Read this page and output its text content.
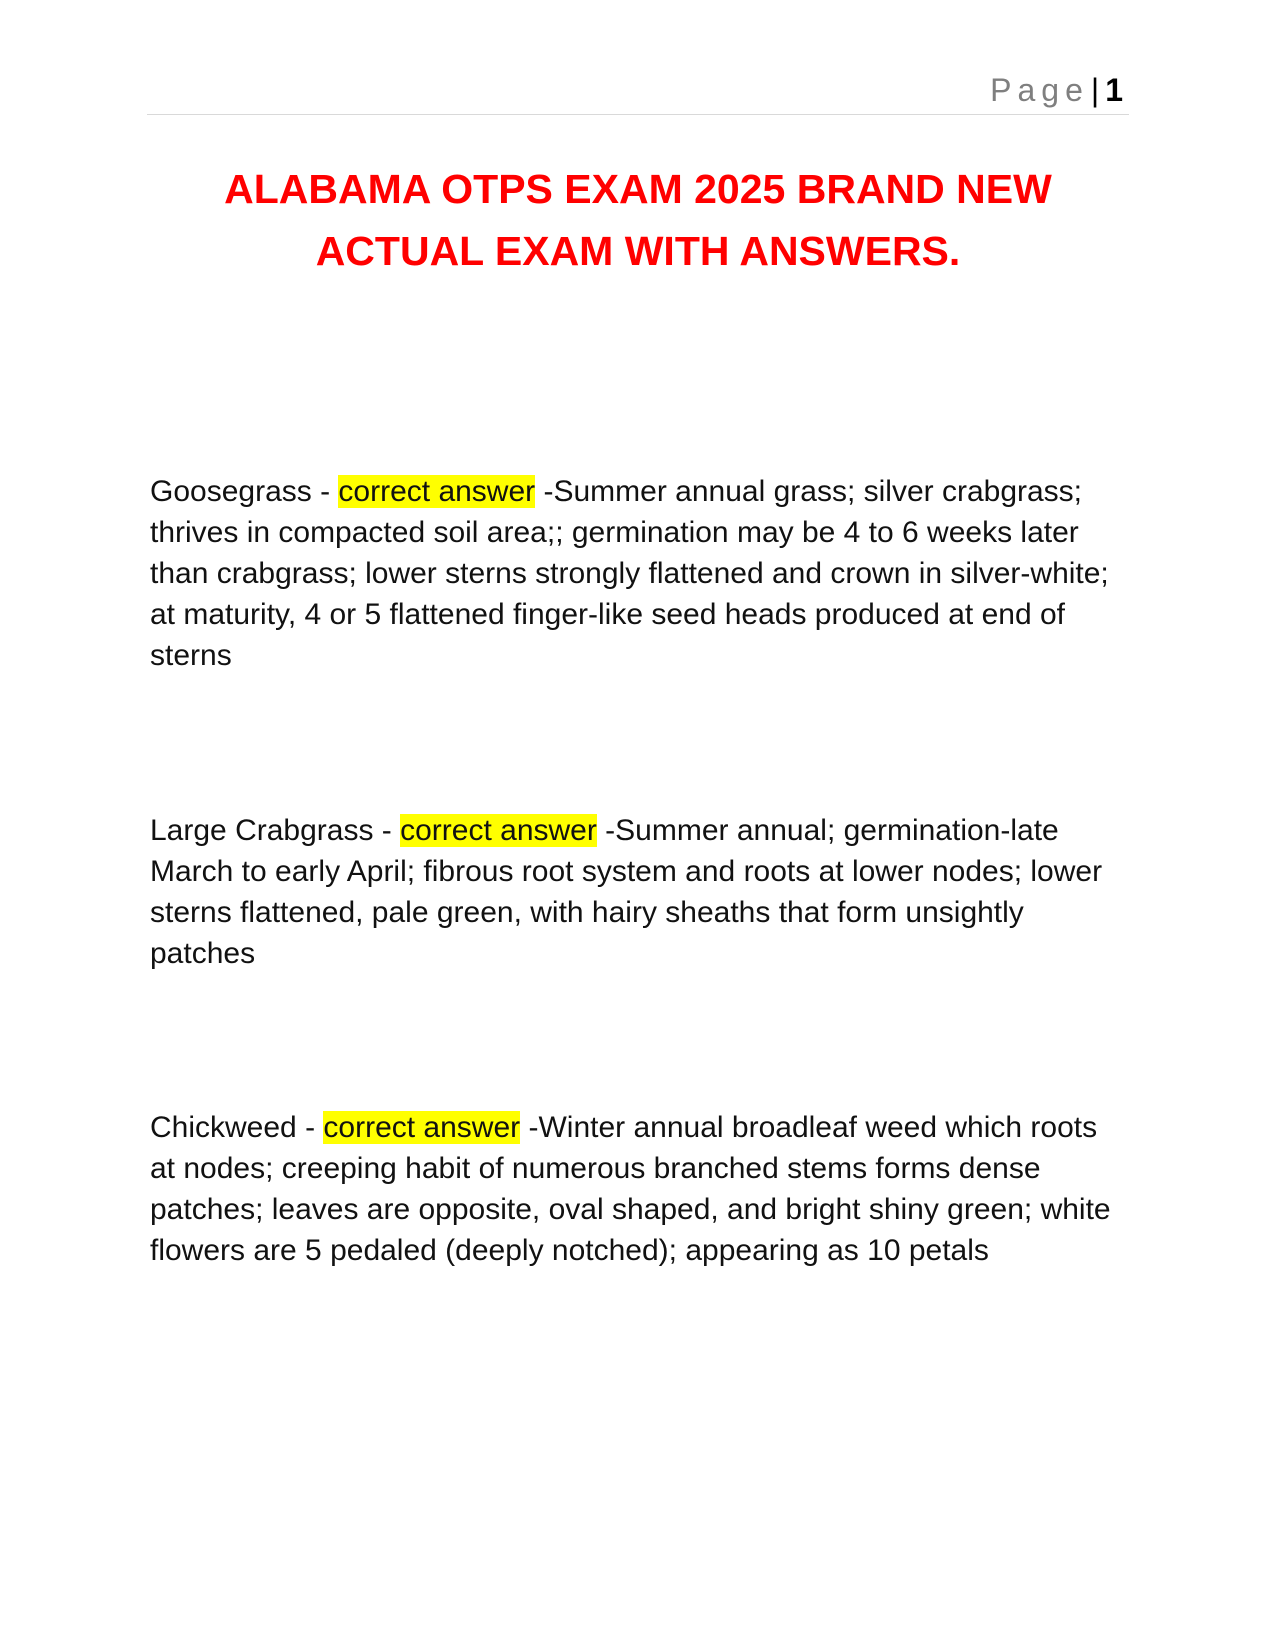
Page| 1
ALABAMA OTPS EXAM 2025 BRAND NEW ACTUAL EXAM WITH ANSWERS.

Goosegrass - correct answer -Summer annual grass; silver crabgrass; thrives in compacted soil area;; germination may be 4 to 6 weeks later than crabgrass; lower sterns strongly flattened and crown in silver-white; at maturity, 4 or 5 flattened finger-like seed heads produced at end of sterns

Large Crabgrass - correct answer -Summer annual; germination-late March to early April; fibrous root system and roots at lower nodes; lower sterns flattened, pale green, with hairy sheaths that form unsightly patches

Chickweed - correct answer -Winter annual broadleaf weed which roots at nodes; creeping habit of numerous branched stems forms dense patches; leaves are opposite, oval shaped, and bright shiny green; white flowers are 5 pedaled (deeply notched); appearing as 10 petals
